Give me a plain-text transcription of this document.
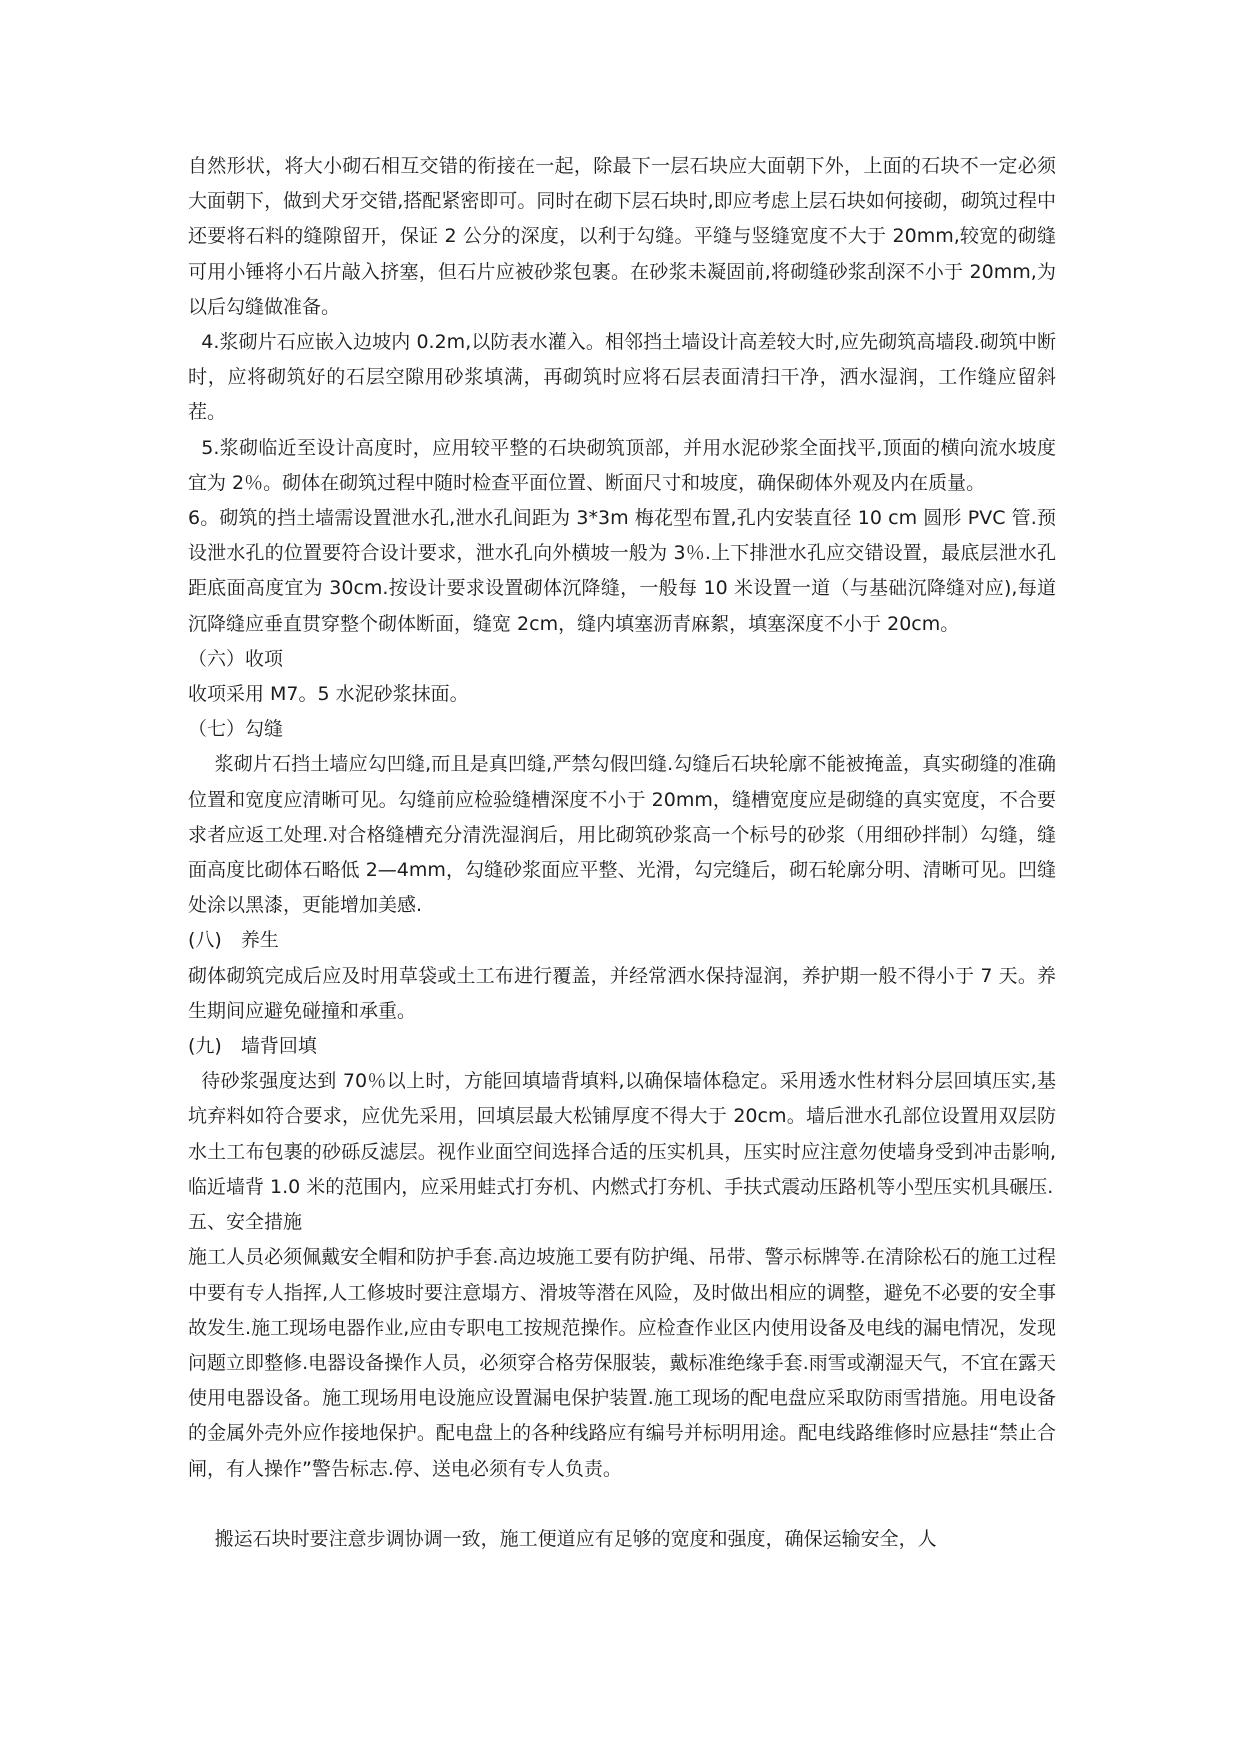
自然形状，将大小砌石相互交错的衔接在一起，除最下一层石块应大面朝下外，上面的石块不一定必须大面朝下，做到犬牙交错,搭配紧密即可。同时在砌下层石块时,即应考虑上层石块如何接砌，砌筑过程中还要将石料的缝隙留开，保证 2 公分的深度，以利于勾缝。平缝与竖缝宽度不大于 20mm,较宽的砌缝可用小锤将小石片敲入挤塞，但石片应被砂浆包裹。在砂浆未凝固前,将砌缝砂浆刮深不小于 20mm,为以后勾缝做准备。

4.浆砌片石应嵌入边坡内 0.2m,以防表水灌入。相邻挡土墙设计高差较大时,应先砌筑高墙段.砌筑中断时，应将砌筑好的石层空隙用砂浆填满，再砌筑时应将石层表面清扫干净，洒水湿润，工作缝应留斜茬。

5.浆砌临近至设计高度时，应用较平整的石块砌筑顶部，并用水泥砂浆全面找平,顶面的横向流水坡度宜为 2％。砌体在砌筑过程中随时检查平面位置、断面尺寸和坡度，确保砌体外观及内在质量。

6。砌筑的挡土墙需设置泄水孔,泄水孔间距为 3*3m 梅花型布置,孔内安装直径 10 cm 圆形 PVC 管.预设泄水孔的位置要符合设计要求，泄水孔向外横坡一般为 3％.上下排泄水孔应交错设置，最底层泄水孔距底面高度宜为 30cm.按设计要求设置砌体沉降缝，一般每 10 米设置一道（与基础沉降缝对应),每道沉降缝应垂直贯穿整个砌体断面，缝宽 2cm，缝内填塞沥青麻絮，填塞深度不小于 20cm。

（六）收项

收项采用 M7。5 水泥砂浆抹面。

（七）勾缝

浆砌片石挡土墙应勾凹缝,而且是真凹缝,严禁勾假凹缝.勾缝后石块轮廓不能被掩盖，真实砌缝的准确位置和宽度应清晰可见。勾缝前应检验缝槽深度不小于 20mm，缝槽宽度应是砌缝的真实宽度，不合要求者应返工处理.对合格缝槽充分清洗湿润后，用比砌筑砂浆高一个标号的砂浆（用细砂拌制）勾缝，缝面高度比砌体石略低 2—4mm，勾缝砂浆面应平整、光滑，勾完缝后，砌石轮廓分明、清晰可见。凹缝处涂以黑漆，更能增加美感.

(八)　养生

砌体砌筑完成后应及时用草袋或土工布进行覆盖，并经常洒水保持湿润，养护期一般不得小于 7 天。养生期间应避免碰撞和承重。

(九)　墙背回填

待砂浆强度达到 70％以上时，方能回填墙背填料,以确保墙体稳定。采用透水性材料分层回填压实,基坑弃料如符合要求，应优先采用，回填层最大松铺厚度不得大于 20cm。墙后泄水孔部位设置用双层防水土工布包裹的砂砾反滤层。视作业面空间选择合适的压实机具，压实时应注意勿使墙身受到冲击影响,临近墙背 1.0 米的范围内，应采用蛙式打夯机、内燃式打夯机、手扶式震动压路机等小型压实机具碾压.

五、安全措施

施工人员必须佩戴安全帽和防护手套.高边坡施工要有防护绳、吊带、警示标牌等.在清除松石的施工过程中要有专人指挥,人工修坡时要注意塌方、滑坡等潜在风险，及时做出相应的调整，避免不必要的安全事故发生.施工现场电器作业,应由专职电工按规范操作。应检查作业区内使用设备及电线的漏电情况，发现问题立即整修.电器设备操作人员，必须穿合格劳保服装，戴标准绝缘手套.雨雪或潮湿天气，不宜在露天使用电器设备。施工现场用电设施应设置漏电保护装置.施工现场的配电盘应采取防雨雪措施。用电设备的金属外壳外应作接地保护。配电盘上的各种线路应有编号并标明用途。配电线路维修时应悬挂“禁止合闸，有人操作”警告标志.停、送电必须有专人负责。

搬运石块时要注意步调协调一致，施工便道应有足够的宽度和强度，确保运输安全，人
